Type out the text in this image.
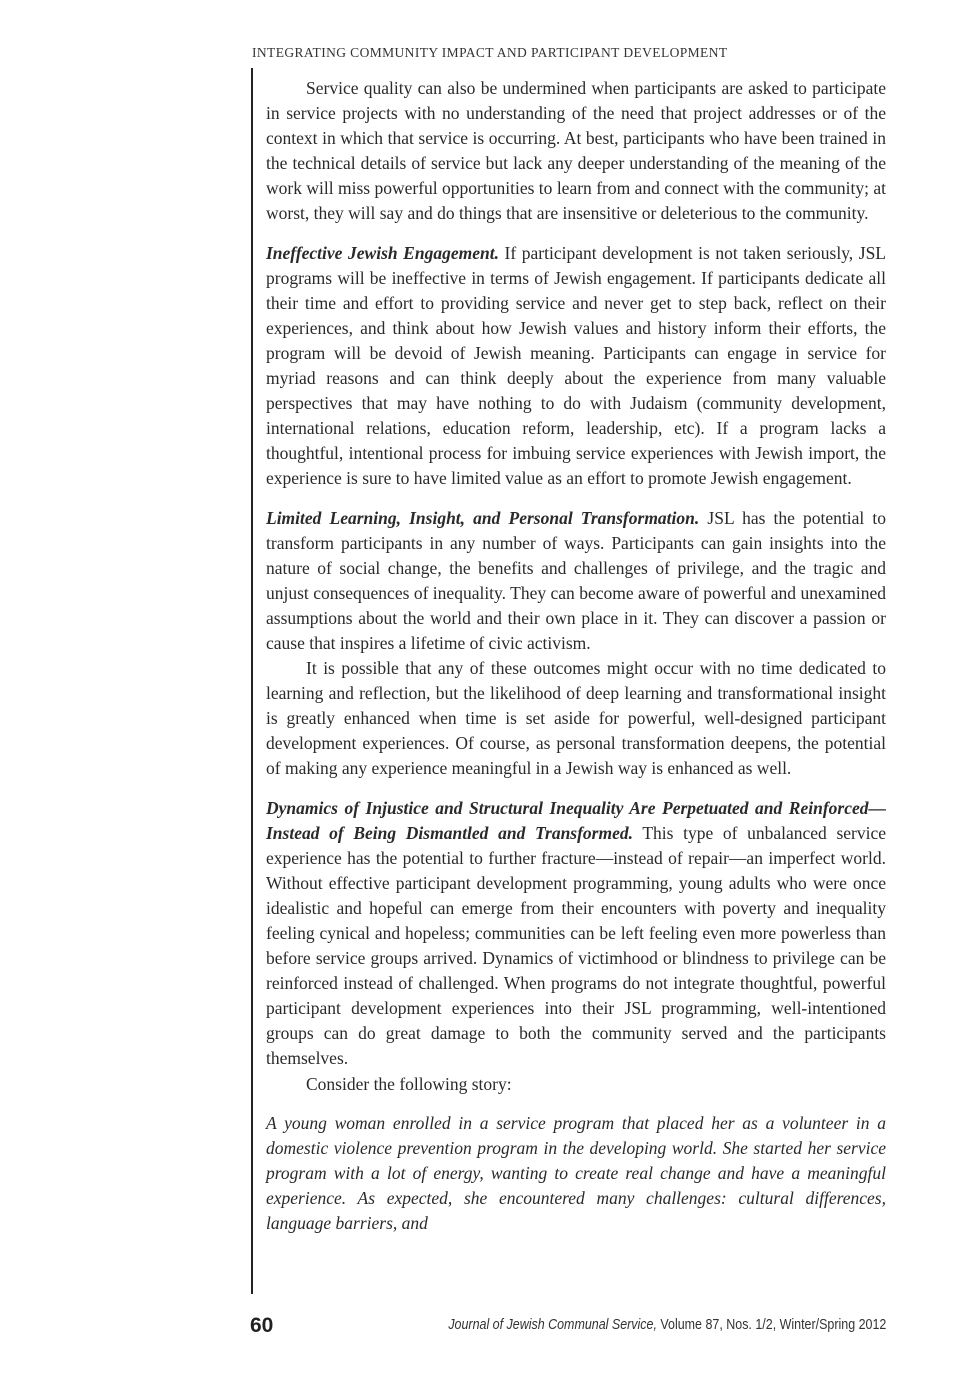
INTEGRATING COMMUNITY IMPACT AND PARTICIPANT DEVELOPMENT

Service quality can also be undermined when participants are asked to participate in service projects with no understanding of the need that project addresses or of the context in which that service is occurring. At best, participants who have been trained in the technical details of service but lack any deeper understanding of the meaning of the work will miss powerful opportunities to learn from and connect with the community; at worst, they will say and do things that are insensitive or deleterious to the community.

Ineffective Jewish Engagement. If participant development is not taken seriously, JSL programs will be ineffective in terms of Jewish engagement. If participants dedicate all their time and effort to providing service and never get to step back, reflect on their experiences, and think about how Jewish values and history inform their efforts, the program will be devoid of Jewish meaning. Participants can engage in service for myriad reasons and can think deeply about the experience from many valuable perspectives that may have nothing to do with Judaism (community development, international relations, education reform, leadership, etc). If a program lacks a thoughtful, intentional process for imbuing service experiences with Jewish import, the experience is sure to have limited value as an effort to promote Jewish engagement.

Limited Learning, Insight, and Personal Transformation. JSL has the potential to transform participants in any number of ways. Participants can gain insights into the nature of social change, the benefits and challenges of privilege, and the tragic and unjust consequences of inequality. They can become aware of powerful and unexamined assumptions about the world and their own place in it. They can discover a passion or cause that inspires a lifetime of civic activism.

It is possible that any of these outcomes might occur with no time dedicated to learning and reflection, but the likelihood of deep learning and transformational insight is greatly enhanced when time is set aside for powerful, well-designed participant development experiences. Of course, as personal transformation deepens, the potential of making any experience meaningful in a Jewish way is enhanced as well.

Dynamics of Injustice and Structural Inequality Are Perpetuated and Reinforced—Instead of Being Dismantled and Transformed. This type of unbalanced service experience has the potential to further fracture—instead of repair—an imperfect world. Without effective participant development programming, young adults who were once idealistic and hopeful can emerge from their encounters with poverty and inequality feeling cynical and hopeless; communities can be left feeling even more powerless than before service groups arrived. Dynamics of victimhood or blindness to privilege can be reinforced instead of challenged. When programs do not integrate thoughtful, powerful participant development experiences into their JSL programming, well-intentioned groups can do great damage to both the community served and the participants themselves.

Consider the following story:

A young woman enrolled in a service program that placed her as a volunteer in a domestic violence prevention program in the developing world. She started her service program with a lot of energy, wanting to create real change and have a meaningful experience. As expected, she encountered many challenges: cultural differences, language barriers, and

60	Journal of Jewish Communal Service, Volume 87, Nos. 1/2, Winter/Spring 2012
